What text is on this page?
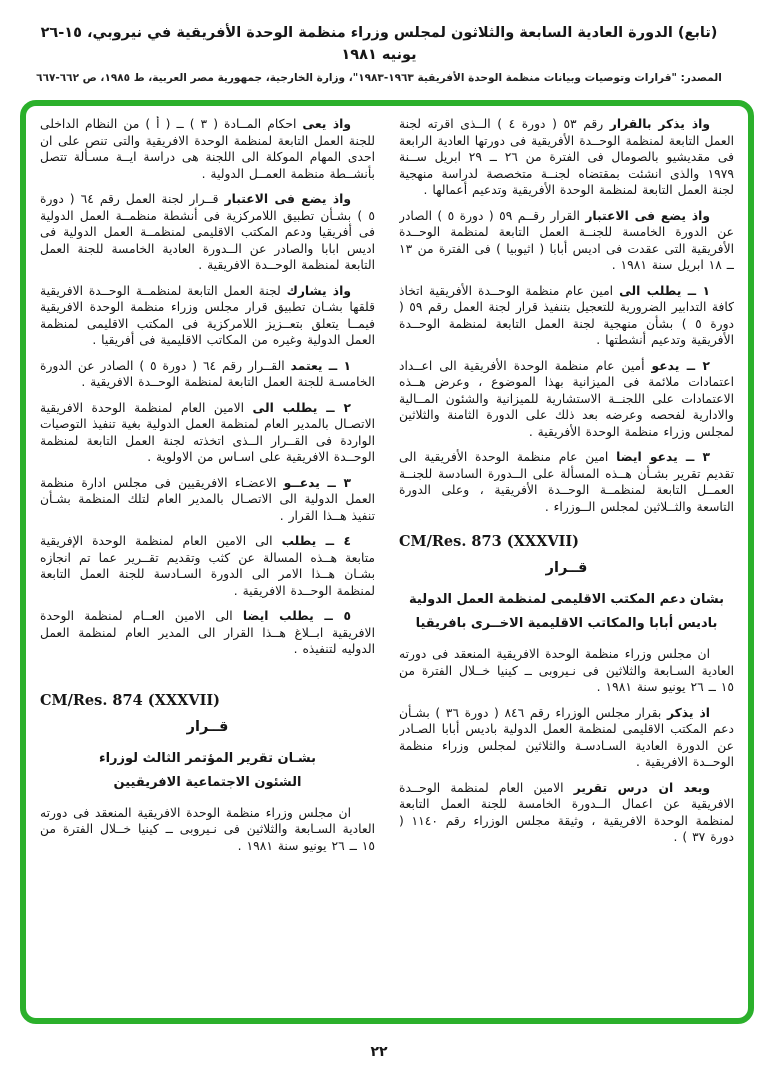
(تابع) الدورة العادية السابعة والثلاثون لمجلس وزراء منظمة الوحدة الأفريقية في نيروبي، ١٥-٢٦ يونيه ١٩٨١
المصدر: "قرارات وتوصيات وبيانات منظمة الوحدة الأفريقية ١٩٦٣-١٩٨٣"، وزارة الخارجية، جمهورية مصر العربية، ط ١٩٨٥، ص ٦٦٢-٦٦٧

واذ يذكر بالقرار رقم ٥٣ ( دورة ٤ ) الــذى اقرته لجنة العمل التابعة لمنظمة الوحــدة الأفريقية فى دورتها العادية الرابعة فى مقديشيو بالصومال فى الفترة من ٢٦ ــ ٢٩ ابريل ســنة ١٩٧٩ والذى انشئت بمقتضاه لجنــة متخصصة لدراسة منهجية لجنة العمل التابعة لمنظمة الوحدة الأفريقية وتدعيم أعمالها .

واذ يضع فى الاعتبار القرار رقــم ٥٩ ( دورة ٥ ) الصادر عن الدورة الخامسة للجنــة العمل التابعة لمنظمة الوحــدة الأفريقية التى عقدت فى اديس أبابا ( اثيوبيا ) فى الفترة من ١٣ ــ ١٨ ابريل سنة ١٩٨١ .

١ ــ يطلب الى امين عام منظمة الوحــدة الأفريقية اتخاذ كافة التدابير الضرورية للتعجيل بتنفيذ قرار لجنة العمل رقم ٥٩ ( دورة ٥ ) بشأن منهجية لجنة العمل التابعة لمنظمة الوحــدة الأفريقية وتدعيم أنشطتها .

٢ ــ يدعو أمين عام منظمة الوحدة الأفريقية الى اعــداد اعتمادات ملائمة فى الميزانية بهذا الموضوع ، وعرض هــذه الاعتمادات على اللجنــة الاستشارية للميزانية والشئون المــالية والادارية لفحصه وعرضه بعد ذلك على الدورة الثامنة والثلاثين لمجلس وزراء منظمة الوحدة الأفريقية .

٣ ــ يدعو ايضا امين عام منظمة الوحدة الأفريقية الى تقديم تقرير بشـأن هــذه المسألة على الــدورة السادسة للجنــة العمــل التابعة لمنظمــة الوحــدة الأفريقية ، وعلى الدورة التاسعة والثــلاثين لمجلس الــوزراء .

CM/Res. 873 (XXXVII)
قــرار
بشان دعم المكتب الاقليمى لمنظمة العمل الدولية
باديس أبابا والمكاتب الاقليمية الاخــرى بافريقيا

ان مجلس وزراء منظمة الوحدة الافريقية المنعقد فى دورته العادية السـابعة والثلاثين فى نـيروبى ــ كينيا خــلال الفترة من ١٥ ــ ٢٦ يونيو سنة ١٩٨١ .

اذ يذكر بقرار مجلس الوزراء رقم ٨٤٦ ( دورة ٣٦ ) بشـأن دعم المكتب الاقليمى لمنظمة العمل الدولية باديس أبابا الصـادر عن الدورة العادية السـادسـة والثلاثين لمجلس وزراء منظمة الوحــدة الافريقية .

وبعد ان درس تقرير الامين العام لمنظمة الوحــدة الافريقية عن اعمال الــدورة الخامسة للجنة العمل التابعة لمنظمة الوحدة الافريقية ، وثيقة مجلس الوزراء رقم ١١٤٠ ( دورة ٣٧ ) .

واذ يعى احكام المــادة ( ٣ ) ــ ( أ ) من النظام الداخلى للجنة العمل التابعة لمنظمة الوحدة الافريقية والتى تنص على ان احدى المهام الموكلة الى اللجنة هى دراسة ايــة مسـألة تتصل بأنشــطة منظمة العمــل الدولية .

واذ يضع فى الاعتبار قــرار لجنة العمل رقم ٦٤ ( دورة ٥ ) بشـأن تطبيق اللامركزية فى أنشطة منظمــة العمل الدولية فى أفريقيا ودعم المكتب الاقليمى لمنظمــة العمل الدولية فى اديس ابابا والصادر عن الــدورة العادية الخامسة للجنة العمل التابعة لمنظمة الوحــدة الافريقية .

واذ يشارك لجنة العمل التابعة لمنظمــة الوحــدة الافريقية قلقها بشـان تطبيق قرار مجلس وزراء منظمة الوحدة الافريقية فيمــا يتعلق بتعــزيز اللامركزية فى المكتب الاقليمى لمنظمة العمل الدولية وغيره من المكاتب الاقليمية فى أفريقيا .

١ ــ يعتمد القــرار رقم ٦٤ ( دورة ٥ ) الصادر عن الدورة الخامسـة للجنة العمل التابعة لمنظمة الوحــدة الافريقية .

٢ ــ يطلب الى الامين العام لمنظمة الوحدة الافريقية الاتصـال بالمدير العام لمنظمة العمل الدولية بغية تنفيذ التوصيات الواردة فى القــرار الــذى اتخذته لجنة العمل التابعة لمنظمة الوحــدة الافريقية على اسـاس من الاولوية .

٣ ــ يدعــو الاعضـاء الافريقيين فى مجلس ادارة منظمة العمل الدولية الى الاتصـال بالمدير العام لتلك المنظمة بشـأن تنفيذ هــذا القرار .

٤ ــ يطلب الى الامين العام لمنظمة الوحدة الإفريقية متابعة هــذه المسالة عن كثب وتقديم تقــرير عما تم انجازه بشـان هــذا الامر الى الدورة السـادسة للجنة العمل التابعة لمنظمة الوحــدة الافريقية .

٥ ــ يطلب ايضا الى الامين العــام لمنظمة الوحدة الافريقية ابــلاغ هــذا القرار الى المدير العام لمنظمة العمل الدوليه لتنفيذه .

CM/Res. 874 (XXXVII)
قــرار
بشـان تقرير المؤتمر الثالث لوزراء
الشئون الاجتماعية الافريقيين

ان مجلس وزراء منظمة الوحدة الافريقية المنعقد فى دورته العادية السـابعة والثلاثين فى نـيروبى ــ كينيا خــلال الفترة من ١٥ ــ ٢٦ يونيو سنة ١٩٨١ .

٢٢
